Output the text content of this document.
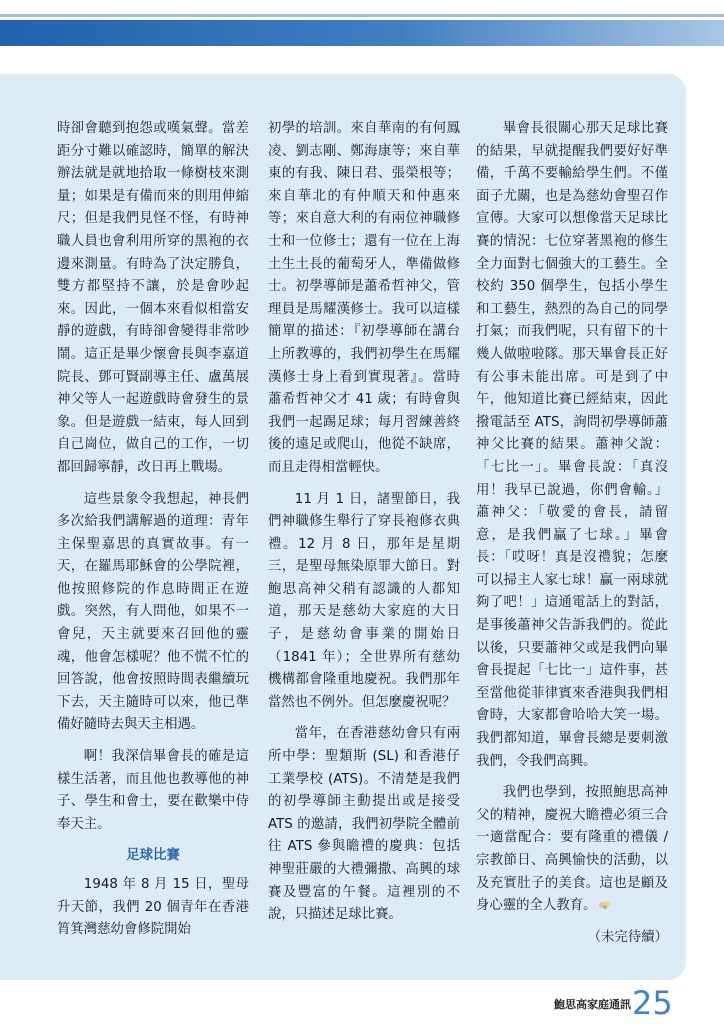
時卻會聽到抱怨或嘆氣聲。當差距分寸難以確認時，簡單的解決辦法就是就地拾取一條樹枝來測量；如果是有備而來的則用伸縮尺；但是我們見怪不怪，有時神職人員也會利用所穿的黑袍的衣邊來測量。有時為了決定勝負，雙方都堅持不讓，於是會吵起來。因此，一個本來看似相當安靜的遊戲，有時卻會變得非常吵鬧。這正是畢少懷會長與李嘉道院長、鄧可賢副導主任、盧萬展神父等人一起遊戲時會發生的景象。但是遊戲一結束，每人回到自己崗位，做自己的工作，一切都回歸寧靜，改日再上戰場。

這些景象令我想起，神長們多次給我們講解過的道理：青年主保聖嘉思的真實故事。有一天，在羅馬耶穌會的公學院裡，他按照修院的作息時間正在遊戲。突然，有人問他，如果不一會兒，天主就要來召回他的靈魂，他會怎樣呢？他不慌不忙的回答說，他會按照時間表繼續玩下去，天主隨時可以來，他已準備好隨時去與天主相遇。

啊！我深信畢會長的確是這樣生活著，而且他也教導他的神子、學生和會士，要在歡樂中侍奉天主。

足球比賽

1948 年 8 月 15 日，聖母升天節，我們 20 個青年在香港筲箕灣慈幼會修院開始

初學的培訓。來自華南的有何鳳凌、劉志剛、鄭海康等；來自華東的有我、陳日君、張榮根等；來自華北的有仲順天和仲惠來等；來自意大利的有兩位神職修士和一位修士；還有一位在上海土生土長的葡萄牙人，準備做修士。初學導師是蕭希哲神父，管理員是馬耀漢修士。我可以這樣簡單的描述：『初學導師在講台上所教導的，我們初學生在馬耀漢修士身上看到實現著』。當時蕭希哲神父才 41 歲；有時會與我們一起踢足球；每月習練善終後的遠足或爬山，他從不缺席，而且走得相當輕快。

11 月 1 日，諸聖節日，我們神職修生舉行了穿長袍修衣典禮。12 月 8 日，那年是星期三，是聖母無染原罪大節日。對鮑思高神父稍有認識的人都知道，那天是慈幼大家庭的大日子，是慈幼會事業的開始日（1841 年）；全世界所有慈幼機構都會隆重地慶祝。我們那年當然也不例外。但怎麼慶祝呢？

當年，在香港慈幼會只有兩所中學：聖類斯 (SL) 和香港仔工業學校 (ATS)。不清楚是我們的初學導師主動提出或是接受 ATS 的邀請，我們初學院全體前往 ATS 參與瞻禮的慶典：包括神聖莊嚴的大禮彌撒、高興的球賽及豐富的午餐。這裡別的不說，只描述足球比賽。

畢會長很關心那天足球比賽的結果，早就提醒我們要好好準備，千萬不要輸給學生們。不僅面子尤關，也是為慈幼會聖召作宣傳。大家可以想像當天足球比賽的情況：七位穿著黑袍的修生全力面對七個強大的工藝生。全校約 350 個學生，包括小學生和工藝生，熱烈的為自己的同學打氣；而我們呢，只有留下的十幾人做啦啦隊。那天畢會長正好有公事未能出席。可是到了中午，他知道比賽已經結束，因此撥電話至 ATS，詢問初學導師蕭神父比賽的結果。蕭神父說：「七比一」。畢會長說：「真沒用！我早已說過，你們會輸。」蕭神父：「敬愛的會長，請留意，是我們贏了七球。」畢會長：「哎呀！真是沒禮貌；怎麼可以掃主人家七球！贏一兩球就夠了吧！」這通電話上的對話，是事後蕭神父告訴我們的。從此以後，只要蕭神父或是我們向畢會長提起「七比一」這件事，甚至當他從菲律賓來香港與我們相會時，大家都會哈哈大笑一場。我們都知道，畢會長總是要刺激我們，令我們高興。

我們也學到，按照鮑思高神父的精神，慶祝大瞻禮必須三合一適當配合：要有隆重的禮儀 / 宗教節日、高興愉快的活動，以及充實肚子的美食。這也是顧及身心靈的全人教育。

（未完待續）
鮑思高家庭通訊 25
